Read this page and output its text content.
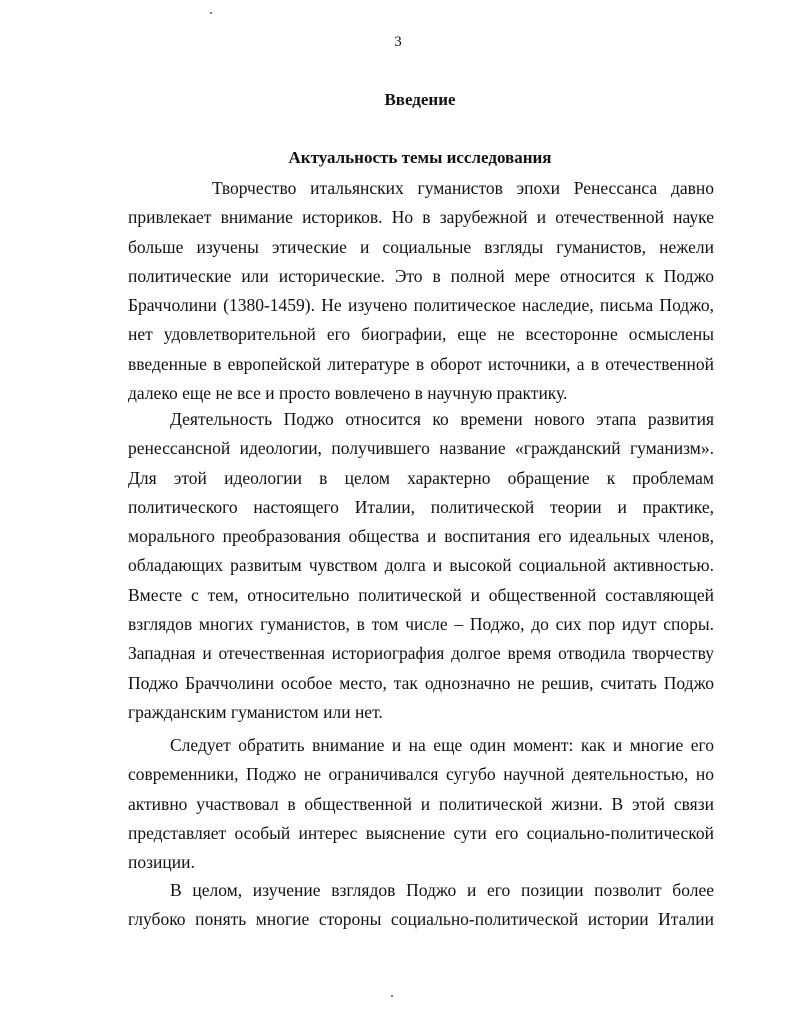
3
Введение
Актуальность темы исследования

Творчество итальянских гуманистов эпохи Ренессанса давно привлекает внимание историков. Но в зарубежной и отечественной науке больше изучены этические и социальные взгляды гуманистов, нежели политические или исторические. Это в полной мере относится к Поджо Браччолини (1380-1459). Не изучено политическое наследие, письма Поджо, нет удовлетворительной его биографии, еще не всесторонне осмыслены введенные в европейской литературе в оборот источники, а в отечественной далеко еще не все и просто вовлечено в научную практику.

Деятельность Поджо относится ко времени нового этапа развития ренессансной идеологии, получившего название «гражданский гуманизм». Для этой идеологии в целом характерно обращение к проблемам политического настоящего Италии, политической теории и практике, морального преобразования общества и воспитания его идеальных членов, обладающих развитым чувством долга и высокой социальной активностью. Вместе с тем, относительно политической и общественной составляющей взглядов многих гуманистов, в том числе – Поджо, до сих пор идут споры. Западная и отечественная историография долгое время отводила творчеству Поджо Браччолини особое место, так однозначно не решив, считать Поджо гражданским гуманистом или нет.

Следует обратить внимание и на еще один момент: как и многие его современники, Поджо не ограничивался сугубо научной деятельностью, но активно участвовал в общественной и политической жизни. В этой связи представляет особый интерес выяснение сути его социально-политической позиции.

В целом, изучение взглядов Поджо и его позиции позволит более глубоко понять многие стороны социально-политической истории Италии
